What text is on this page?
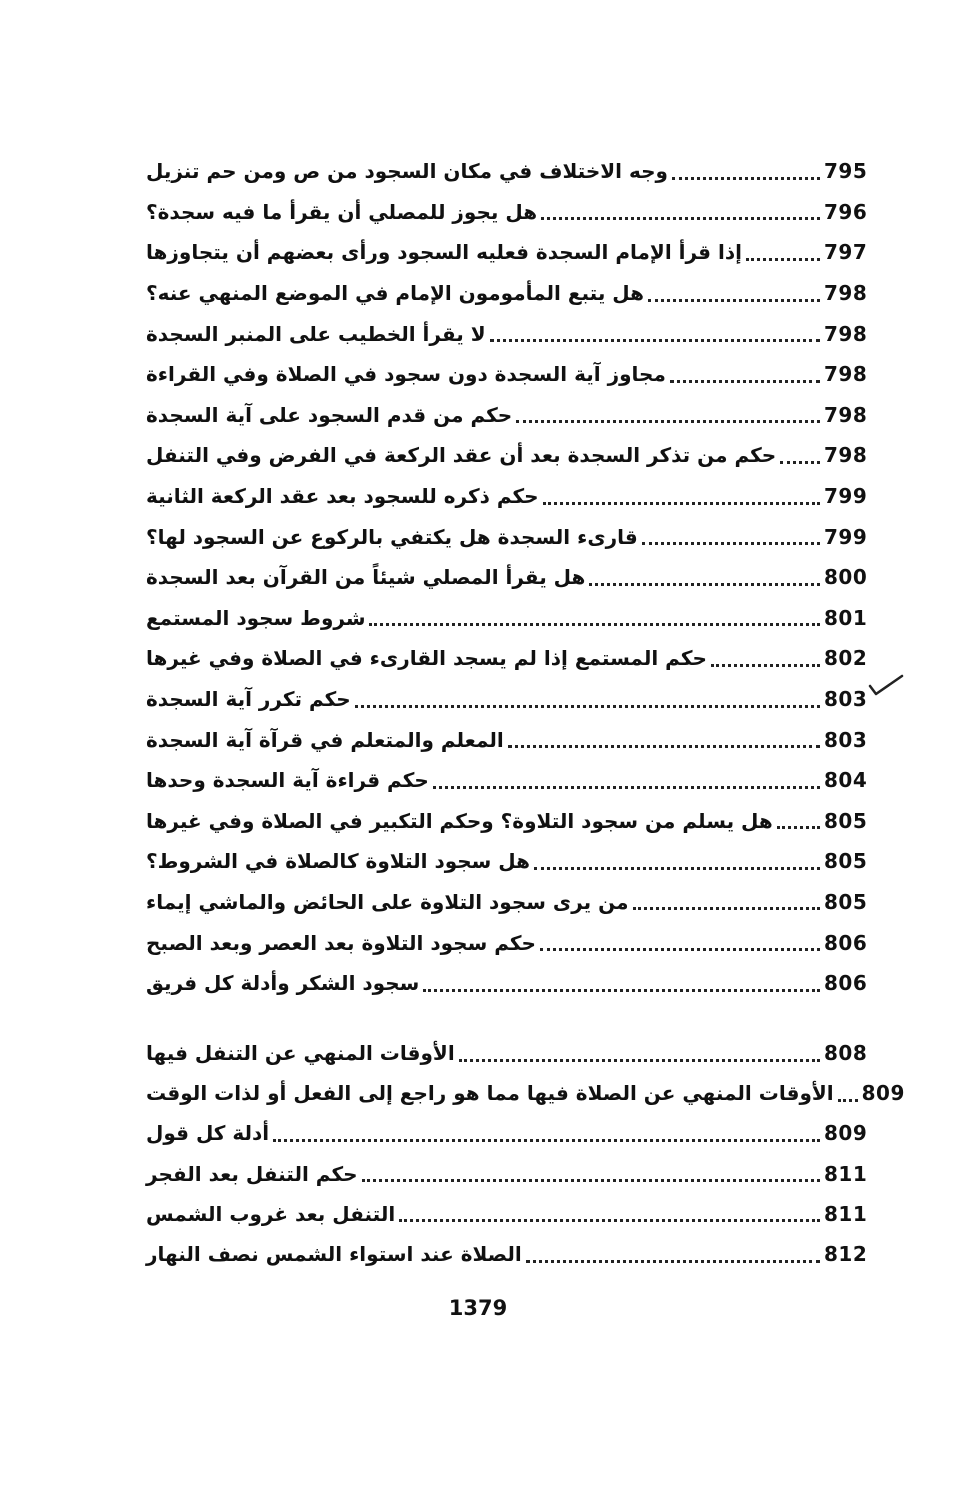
وجه الاختلاف في مكان السجود من ص ومن حم تنزيل	795
هل يجوز للمصلي أن يقرأ ما فيه سجدة؟	796
إذا قرأ الإمام السجدة فعليه السجود ورأى بعضهم أن يتجاوزها	797
هل يتبع المأمومون الإمام في الموضع المنهي عنه؟	798
لا يقرأ الخطيب على المنبر السجدة	798
مجاوز آية السجدة دون سجود في الصلاة وفي القراءة	798
حكم من قدم السجود على آية السجدة	798
حكم من تذكر السجدة بعد أن عقد الركعة في الفرض وفي التنفل 798
حكم ذكره للسجود بعد عقد الركعة الثانية	799
قارىء السجدة هل يكتفي بالركوع عن السجود لها؟	799
هل يقرأ المصلي شيئاً من القرآن بعد السجدة	800
شروط سجود المستمع	801
حكم المستمع إذا لم يسجد القارىء في الصلاة وفي غيرها	802
حكم تكرر آية السجدة	803
المعلم والمتعلم في قرآة آية السجدة	803
حكم قراءة آية السجدة وحدها	804
هل يسلم من سجود التلاوة؟ وحكم التكبير في الصلاة وفي غيرها	805
هل سجود التلاوة كالصلاة في الشروط؟	805
من يرى سجود التلاوة على الحائض والماشي إيماء	805
حكم سجود التلاوة بعد العصر وبعد الصبح	806
سجود الشكر وأدلة كل فريق	806
الأوقات المنهي عن التنفل فيها	808
الأوقات المنهي عن الصلاة فيها مما هو راجع إلى الفعل أو لذات الوقت 809
أدلة كل قول	809
حكم التنفل بعد الفجر	811
التنفل بعد غروب الشمس	811
الصلاة عند استواء الشمس نصف النهار	812
1379
